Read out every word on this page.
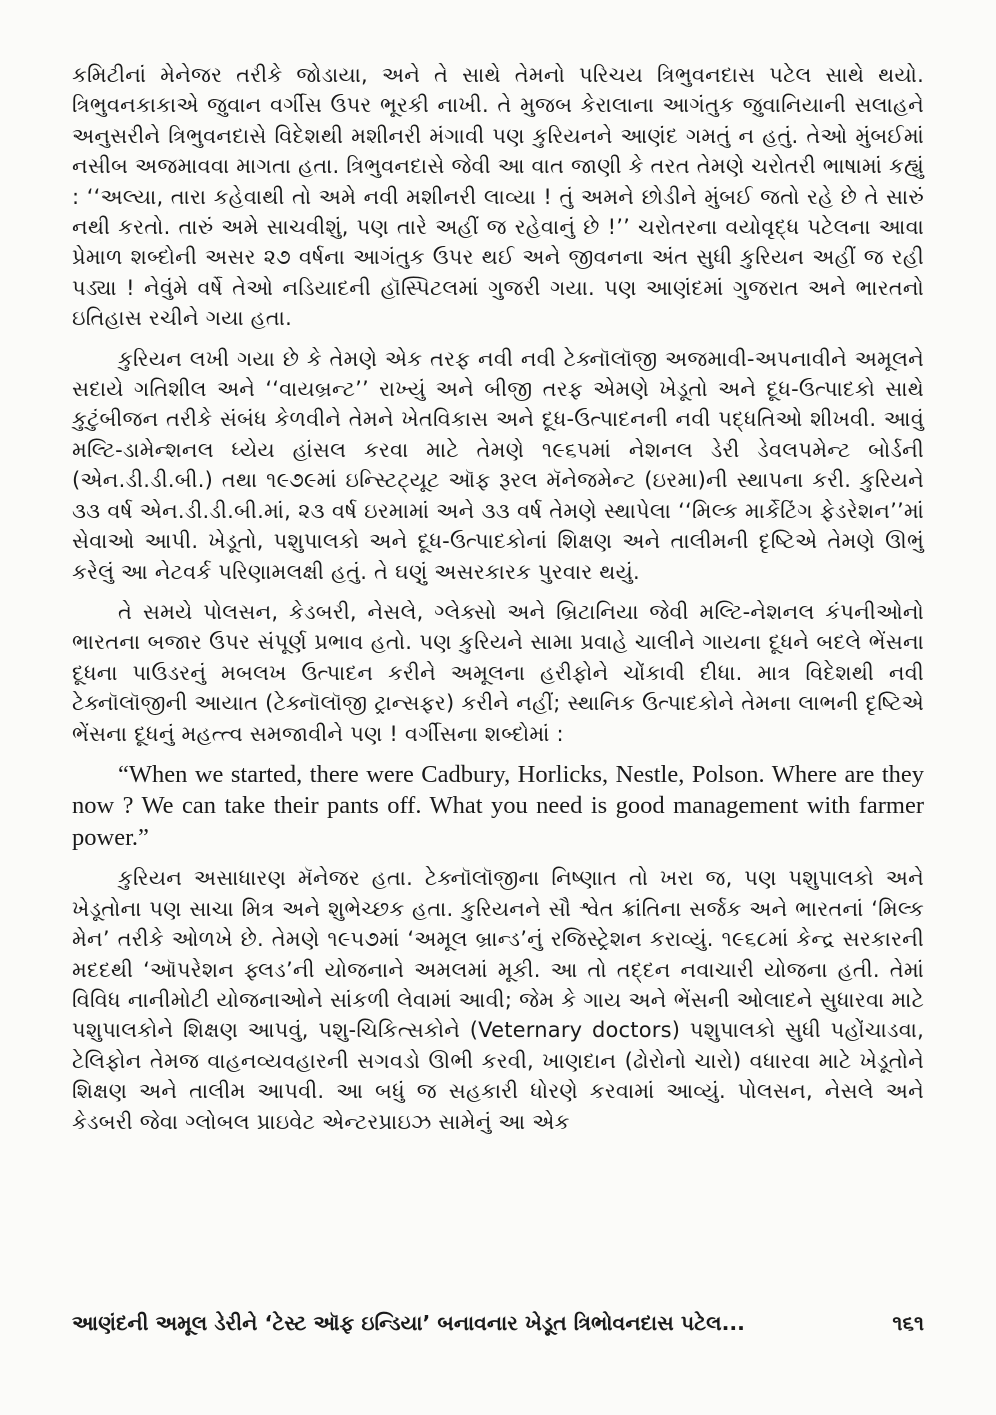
કમિટીનાં મેનેજર તરીકે જોડાયા, અને તે સાથે તેમનો પરિચય ત્રિભુવનદાસ પટેલ સાથે થયો. ત્રિભુવનકાકાએ જુવાન વર્ગીસ ઉપર ભૂરકી નાખી. તે મુજબ કેરાલાના આગંતુક જુવાનિયાની સલાહને અનુસરીને ત્રિભુવનદાસે વિદેશથી મશીનરી મંગાવી પણ કુરિયનને આણંદ ગમતું ન હતું. તેઓ મુંબઈમાં નસીબ અજમાવવા માગતા હતા. ત્રિભુવનદાસે જેવી આ વાત જાણી કે તરત તેમણે ચરોતરી ભાષામાં કહ્યું : ‘‘અલ્યા, તારા કહેવાથી તો અમે નવી મશીનરી લાવ્યા ! તું અમને છોડીને મુંબઈ જતો રહે છે તે સારું નથી કરતો. તારું અમે સાચવીશું, પણ તારે અહીં જ રહેવાનું છે !’’ ચરોતરના વયોવૃદ્ધ પટેલના આવા પ્રેમાળ શબ્દોની અસર ૨૭ વર્ષના આગંતુક ઉપર થઈ અને જીવનના અંત સુધી કુરિયન અહીં જ રહી પડ્યા ! નેવુંમે વર્ષે તેઓ નડિયાદની હૉસ્પિટલમાં ગુજરી ગયા. પણ આણંદમાં ગુજરાત અને ભારતનો ઇતિહાસ રચીને ગયા હતા.

કુરિયન લખી ગયા છે કે તેમણે એક તરફ નવી નવી ટેક્નૉલૉજી અજમાવી-અપનાવીને અમૂલને સદાયે ગતિશીલ અને ‘‘વાયબ્રન્ટ’’ રાખ્યું અને બીજી તરફ એમણે ખેડૂતો અને દૂધ-ઉત્પાદકો સાથે કુટુંબીજન તરીકે સંબંધ કેળવીને તેમને ખેતવિકાસ અને દૂધ-ઉત્પાદનની નવી પદ્ધતિઓ શીખવી. આવું મલ્ટિ-ડામેન્શનલ ધ્યેય હાંસલ કરવા માટે તેમણે ૧૯૬૫માં નેશનલ ડેરી ડેવલપમેન્ટ બોર્ડની (એન.ડી.ડી.બી.) તથા ૧૯૭૯માં ઇન્સ્ટિટ્યૂટ ઑફ રૂરલ મૅનેજમેન્ટ (ઇરમા)ની સ્થાપના કરી. કુરિયને ૩૩ વર્ષ એન.ડી.ડી.બી.માં, ૨૩ વર્ષ ઇરમામાં અને ૩૩ વર્ષ તેમણે સ્થાપેલા ‘‘મિલ્ક માર્કેટિંગ ફેડરેશન’’માં સેવાઓ આપી. ખેડૂતો, પશુપાલકો અને દૂધ-ઉત્પાદકોનાં શિક્ષણ અને તાલીમની દૃષ્ટિએ તેમણે ઊભું કરેલું આ નેટવર્ક પરિણામલક્ષી હતું. તે ઘણું અસરકારક પુરવાર થયું.

તે સમયે પોલસન, કેડબરી, નેસલે, ગ્લેક્સો અને બ્રિટાનિયા જેવી મલ્ટિ-નેશનલ કંપનીઓનો ભારતના બજાર ઉપર સંપૂર્ણ પ્રભાવ હતો. પણ કુરિયને સામા પ્રવાહે ચાલીને ગાયના દૂધને બદલે ભેંસના દૂધના પાઉડરનું મબલખ ઉત્પાદન કરીને અમૂલના હરીફોને ચોંકાવી દીધા. માત્ર વિદેશથી નવી ટેક્નૉલૉજીની આયાત (ટેક્નૉલૉજી ટ્રાન્સફર) કરીને નહીં; સ્થાનિક ઉત્પાદકોને તેમના લાભની દૃષ્ટિએ ભેંસના દૂધનું મહત્ત્વ સમજાવીને પણ ! વર્ગીસના શબ્દોમાં :

“When we started, there were Cadbury, Horlicks, Nestle, Polson. Where are they now ? We can take their pants off. What you need is good management with farmer power.”

કુરિયન અસાધારણ મૅનેજર હતા. ટેક્નૉલૉજીના નિષ્ણાત તો ખરા જ, પણ પશુપાલકો અને ખેડૂતોના પણ સાચા મિત્ર અને શુભેચ્છક હતા. કુરિયનને સૌ શ્વેત ક્રાંતિના સર્જક અને ભારતનાં ‘મિલ્ક મેન’ તરીકે ઓળખે છે. તેમણે ૧૯૫૭માં ‘અમૂલ બ્રાન્ડ’નું રજિસ્ટ્રેશન કરાવ્યું. ૧૯૬૮માં કેન્દ્ર સરકારની મદદથી ‘ઑપરેશન ફ્લડ’ની યોજનાને અમલમાં મૂકી. આ તો તદ્દન નવાચારી યોજના હતી. તેમાં વિવિધ નાનીમોટી યોજનાઓને સાંકળી લેવામાં આવી; જેમ કે ગાય અને ભેંસની ઓલાદને સુધારવા માટે પશુપાલકોને શિક્ષણ આપવું, પશુ-ચિકિત્સકોને (Veternary doctors) પશુપાલકો સુધી પહોંચાડવા, ટેલિફોન તેમજ વાહનવ્યવહારની સગવડો ઊભી કરવી, ખાણદાન (ઢોરોનો ચારો) વધારવા માટે ખેડૂતોને શિક્ષણ અને તાલીમ આપવી. આ બધું જ સહકારી ધોરણે કરવામાં આવ્યું. પોલસન, નેસલે અને કેડબરી જેવા ગ્લોબલ પ્રાઇવેટ એન્ટરપ્રાઇઝ સામેનું આ એક

આણંદની અમૂલ ડેરીને ‘ટેસ્ટ ઑફ ઇન્ડિયા’ બનાવનાર ખેડૂત ત્રિભોવનદાસ પટેલ...	૧૬૧
